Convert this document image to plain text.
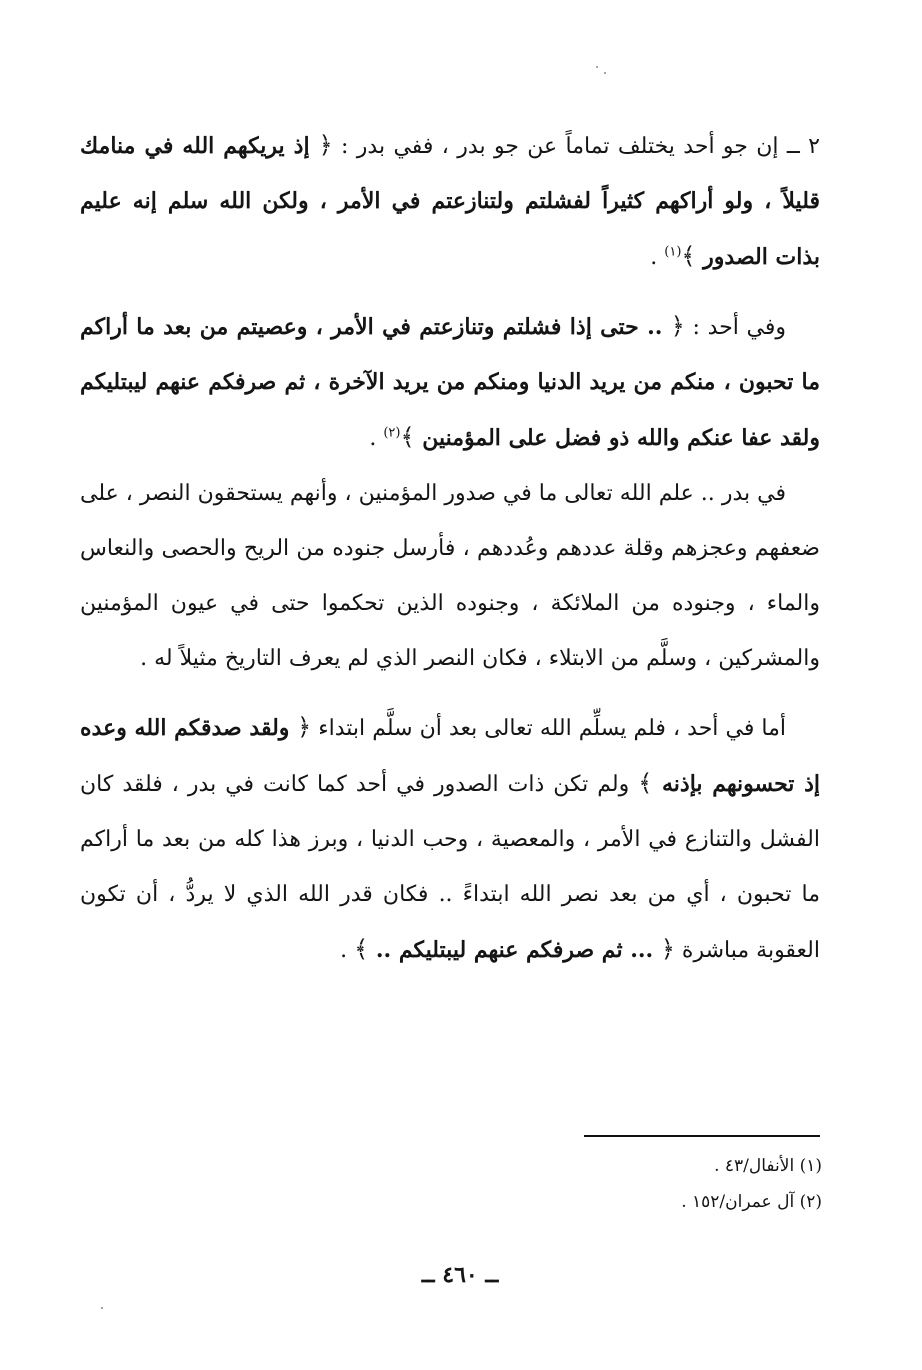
٢ ــ إن جو أحد يختلف تماماً عن جو بدر ، ففي بدر : ﴿ إذ يريكهم الله في منامك قليلاً ، ولو أراكهم كثيراً لفشلتم ولتنازعتم في الأمر ، ولكن الله سلم إنه عليم بذات الصدور ﴾$^{(١)}$ .

وفي أحد : ﴿ .. حتى إذا فشلتم وتنازعتم في الأمر ، وعصيتم من بعد ما أراكم ما تحبون ، منكم من يريد الدنيا ومنكم من يريد الآخرة ، ثم صرفكم عنهم ليبتليكم ولقد عفا عنكم والله ذو فضل على المؤمنين ﴾$^{(٢)}$ .

في بدر .. علم الله تعالى ما في صدور المؤمنين ، وأنهم يستحقون النصر ، على ضعفهم وعجزهم وقلة عددهم وعُددهم ، فأرسل جنوده من الريح والحصى والنعاس والماء ، وجنوده من الملائكة ، وجنوده الذين تحكموا حتى في عيون المؤمنين والمشركين ، وسلَّم من الابتلاء ، فكان النصر الذي لم يعرف التاريخ مثيلاً له .

أما في أحد ، فلم يسلِّم الله تعالى بعد أن سلَّم ابتداء ﴿ ولقد صدقكم الله وعده إذ تحسونهم بإذنه ﴾ ولم تكن ذات الصدور في أحد كما كانت في بدر ، فلقد كان الفشل والتنازع في الأمر ، والمعصية ، وحب الدنيا ، وبرز هذا كله من بعد ما أراكم ما تحبون ، أي من بعد نصر الله ابتداءً .. فكان قدر الله الذي لا يردُّ ، أن تكون العقوبة مباشرة ﴿ ... ثم صرفكم عنهم ليبتليكم .. ﴾ .

(١) الأنفال/٤٣ .

(٢) آل عمران/١٥٢ .

ــ ٤٦٠ ــ
